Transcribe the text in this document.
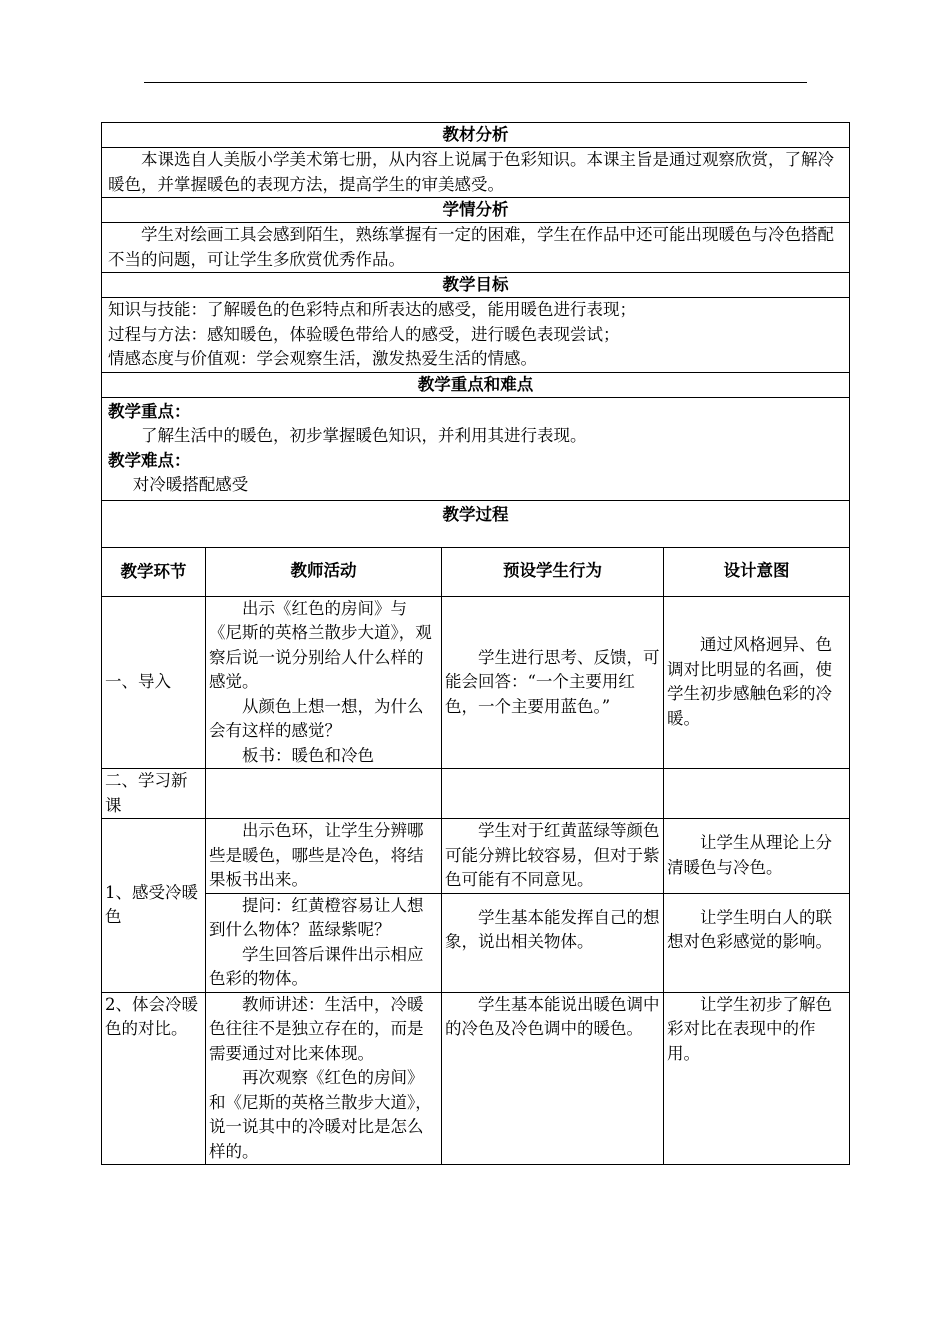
教材分析			
本课选自人美版小学美术第七册，从内容上说属于色彩知识。本课主旨是通过观察欣赏，了解冷暖色，并掌握暖色的表现方法，提高学生的审美感受。			
学情分析			
学生对绘画工具会感到陌生，熟练掌握有一定的困难，学生在作品中还可能出现暖色与冷色搭配不当的问题，可让学生多欣赏优秀作品。			
教学目标			

知识与技能：了解暖色的色彩特点和所表达的感受，能用暖色进行表现；
过程与方法：感知暖色，体验暖色带给人的感受，进行暖色表现尝试；
情感态度与价值观：学会观察生活，激发热爱生活的情感。			

教学重点和难点			

教学重点：
了解生活中的暖色，初步掌握暖色知识，并利用其进行表现。
教学难点：
对冷暖搭配感受			

教学过程			

教学环节	教师活动	预设学生行为	设计意图
一、导入	出示《红色的房间》与《尼斯的英格兰散步大道》，观察后说一说分别给人什么样的感觉。

从颜色上想一想，为什么会有这样的感觉？

板书：暖色和冷色	学生进行思考、反馈，可能会回答：“一个主要用红色，一个主要用蓝色。”	通过风格迥异、色调对比明显的名画，使学生初步感触色彩的冷暖。
二、学习新课			
1、感受冷暖色	出示色环，让学生分辨哪些是暖色，哪些是冷色，将结果板书出来。	学生对于红黄蓝绿等颜色可能分辨比较容易，但对于紫色可能有不同意见。	让学生从理论上分清暖色与冷色。

	提问：红黄橙容易让人想到什么物体？蓝绿紫呢？

学生回答后课件出示相应色彩的物体。	学生基本能发挥自己的想象，说出相关物体。	让学生明白人的联想对色彩感觉的影响。
2、体会冷暖色的对比。	教师讲述：生活中，冷暖色往往不是独立存在的，而是需要通过对比来体现。

再次观察《红色的房间》和《尼斯的英格兰散步大道》，说一说其中的冷暖对比是怎么样的。	学生基本能说出暖色调中的冷色及冷色调中的暖色。	让学生初步了解色彩对比在表现中的作用。
